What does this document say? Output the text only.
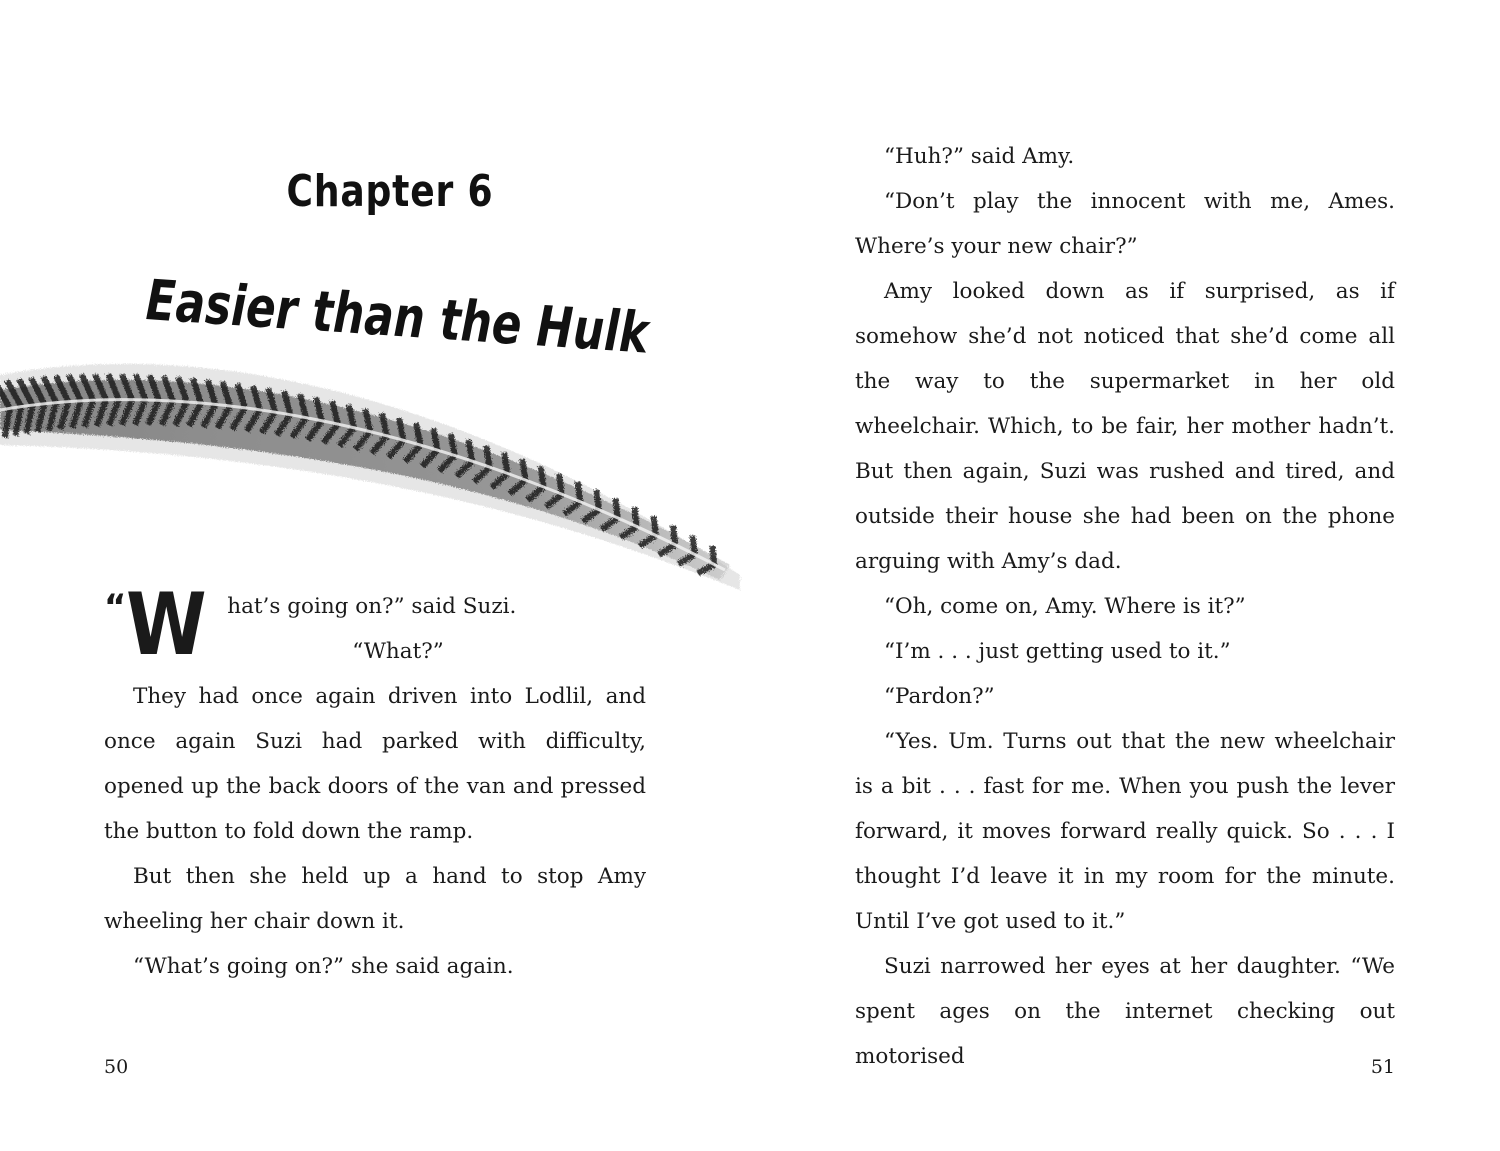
Chapter 6
Easier than the Hulk
“W hat’s going on?” said Suzi.

“What?”

They had once again driven into Lodlil, and once again Suzi had parked with difficulty, opened up the back doors of the van and pressed the button to fold down the ramp.

But then she held up a hand to stop Amy wheeling her chair down it.

“What’s going on?” she said again.

50

“Huh?” said Amy.

“Don’t play the innocent with me, Ames. Where’s your new chair?”

Amy looked down as if surprised, as if somehow she’d not noticed that she’d come all the way to the supermarket in her old wheelchair. Which, to be fair, her mother hadn’t. But then again, Suzi was rushed and tired, and outside their house she had been on the phone arguing with Amy’s dad.

“Oh, come on, Amy. Where is it?”

“I’m . . . just getting used to it.”

“Pardon?”

“Yes. Um. Turns out that the new wheelchair is a bit . . . fast for me. When you push the lever forward, it moves forward really quick. So . . . I thought I’d leave it in my room for the minute. Until I’ve got used to it.”

Suzi narrowed her eyes at her daughter. “We spent ages on the internet checking out motorised	51
